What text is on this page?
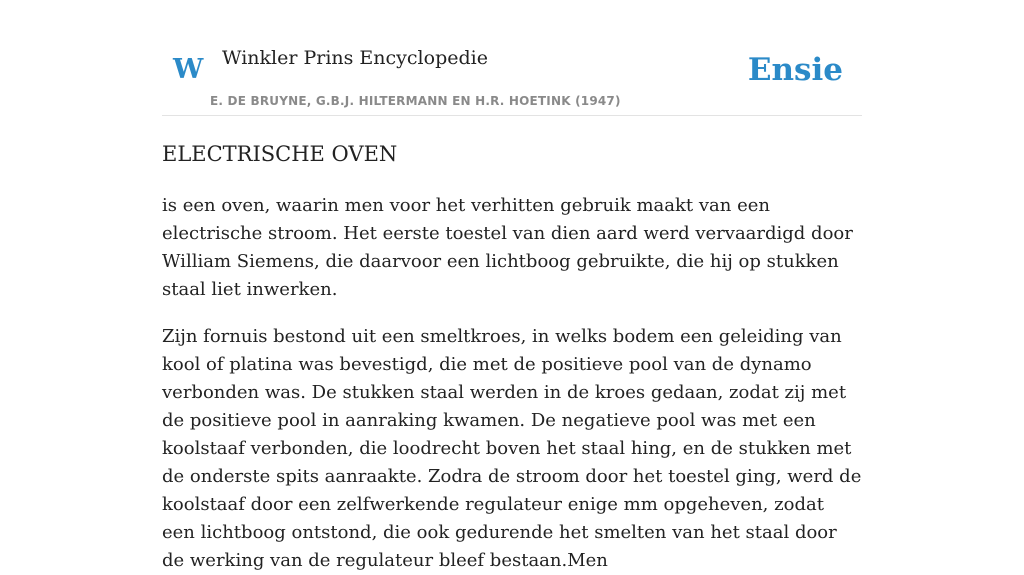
W Winkler Prins Encyclopedie
E. DE BRUYNE, G.B.J. HILTERMANN EN H.R. HOETINK (1947)
Ensie
ELECTRISCHE OVEN

is een oven, waarin men voor het verhitten gebruik maakt van een electrische stroom. Het eerste toestel van dien aard werd vervaardigd door William Siemens, die daarvoor een lichtboog gebruikte, die hij op stukken staal liet inwerken.

Zijn fornuis bestond uit een smeltkroes, in welks bodem een geleiding van kool of platina was bevestigd, die met de positieve pool van de dynamo verbonden was. De stukken staal werden in de kroes gedaan, zodat zij met de positieve pool in aanraking kwamen. De negatieve pool was met een koolstaaf verbonden, die loodrecht boven het staal hing, en de stukken met de onderste spits aanraakte. Zodra de stroom door het toestel ging, werd de koolstaaf door een zelfwerkende regulateur enige mm opgeheven, zodat een lichtboog ontstond, die ook gedurende het smelten van het staal door de werking van de regulateur bleef bestaan.Men
